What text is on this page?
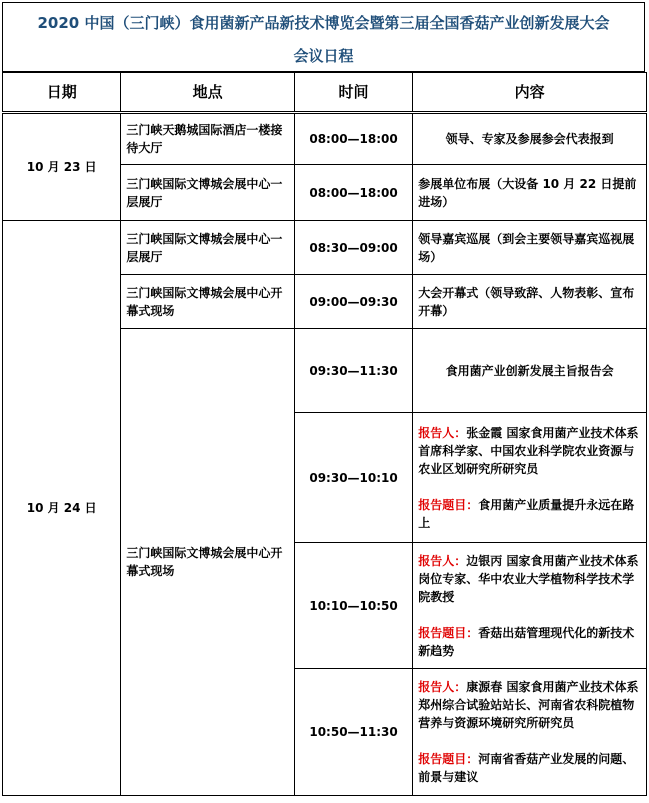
2020 中国（三门峡）食用菌新产品新技术博览会暨第三届全国香菇产业创新发展大会
会议日程
日期	地点	时间	内容
10 月 23 日	三门峡天鹅城国际酒店一楼接待大厅	08:00—18:00	领导、专家及参展参会代表报到
	三门峡国际文博城会展中心一层展厅	08:00—18:00	参展单位布展（大设备 10 月 22 日提前进场）
10 月 24 日	三门峡国际文博城会展中心一层展厅	08:30—09:00	领导嘉宾巡展（到会主要领导嘉宾巡视展场）
	三门峡国际文博城会展中心开幕式现场	09:00—09:30	大会开幕式（领导致辞、人物表彰、宣布开幕）
	三门峡国际文博城会展中心开幕式现场	09:30—11:30	食用菌产业创新发展主旨报告会
		09:30—10:10	报告人：张金霞 国家食用菌产业技术体系首席科学家、中国农业科学院农业资源与农业区划研究所研究员
报告题目：食用菌产业质量提升永远在路上

		10:10—10:50	报告人：边银丙 国家食用菌产业技术体系岗位专家、华中农业大学植物科学技术学院教授
报告题目：香菇出菇管理现代化的新技术新趋势

		10:50—11:30	报告人：康源春 国家食用菌产业技术体系郑州综合试验站站长、河南省农科院植物营养与资源环境研究所研究员
报告题目：河南省香菇产业发展的问题、前景与建议
